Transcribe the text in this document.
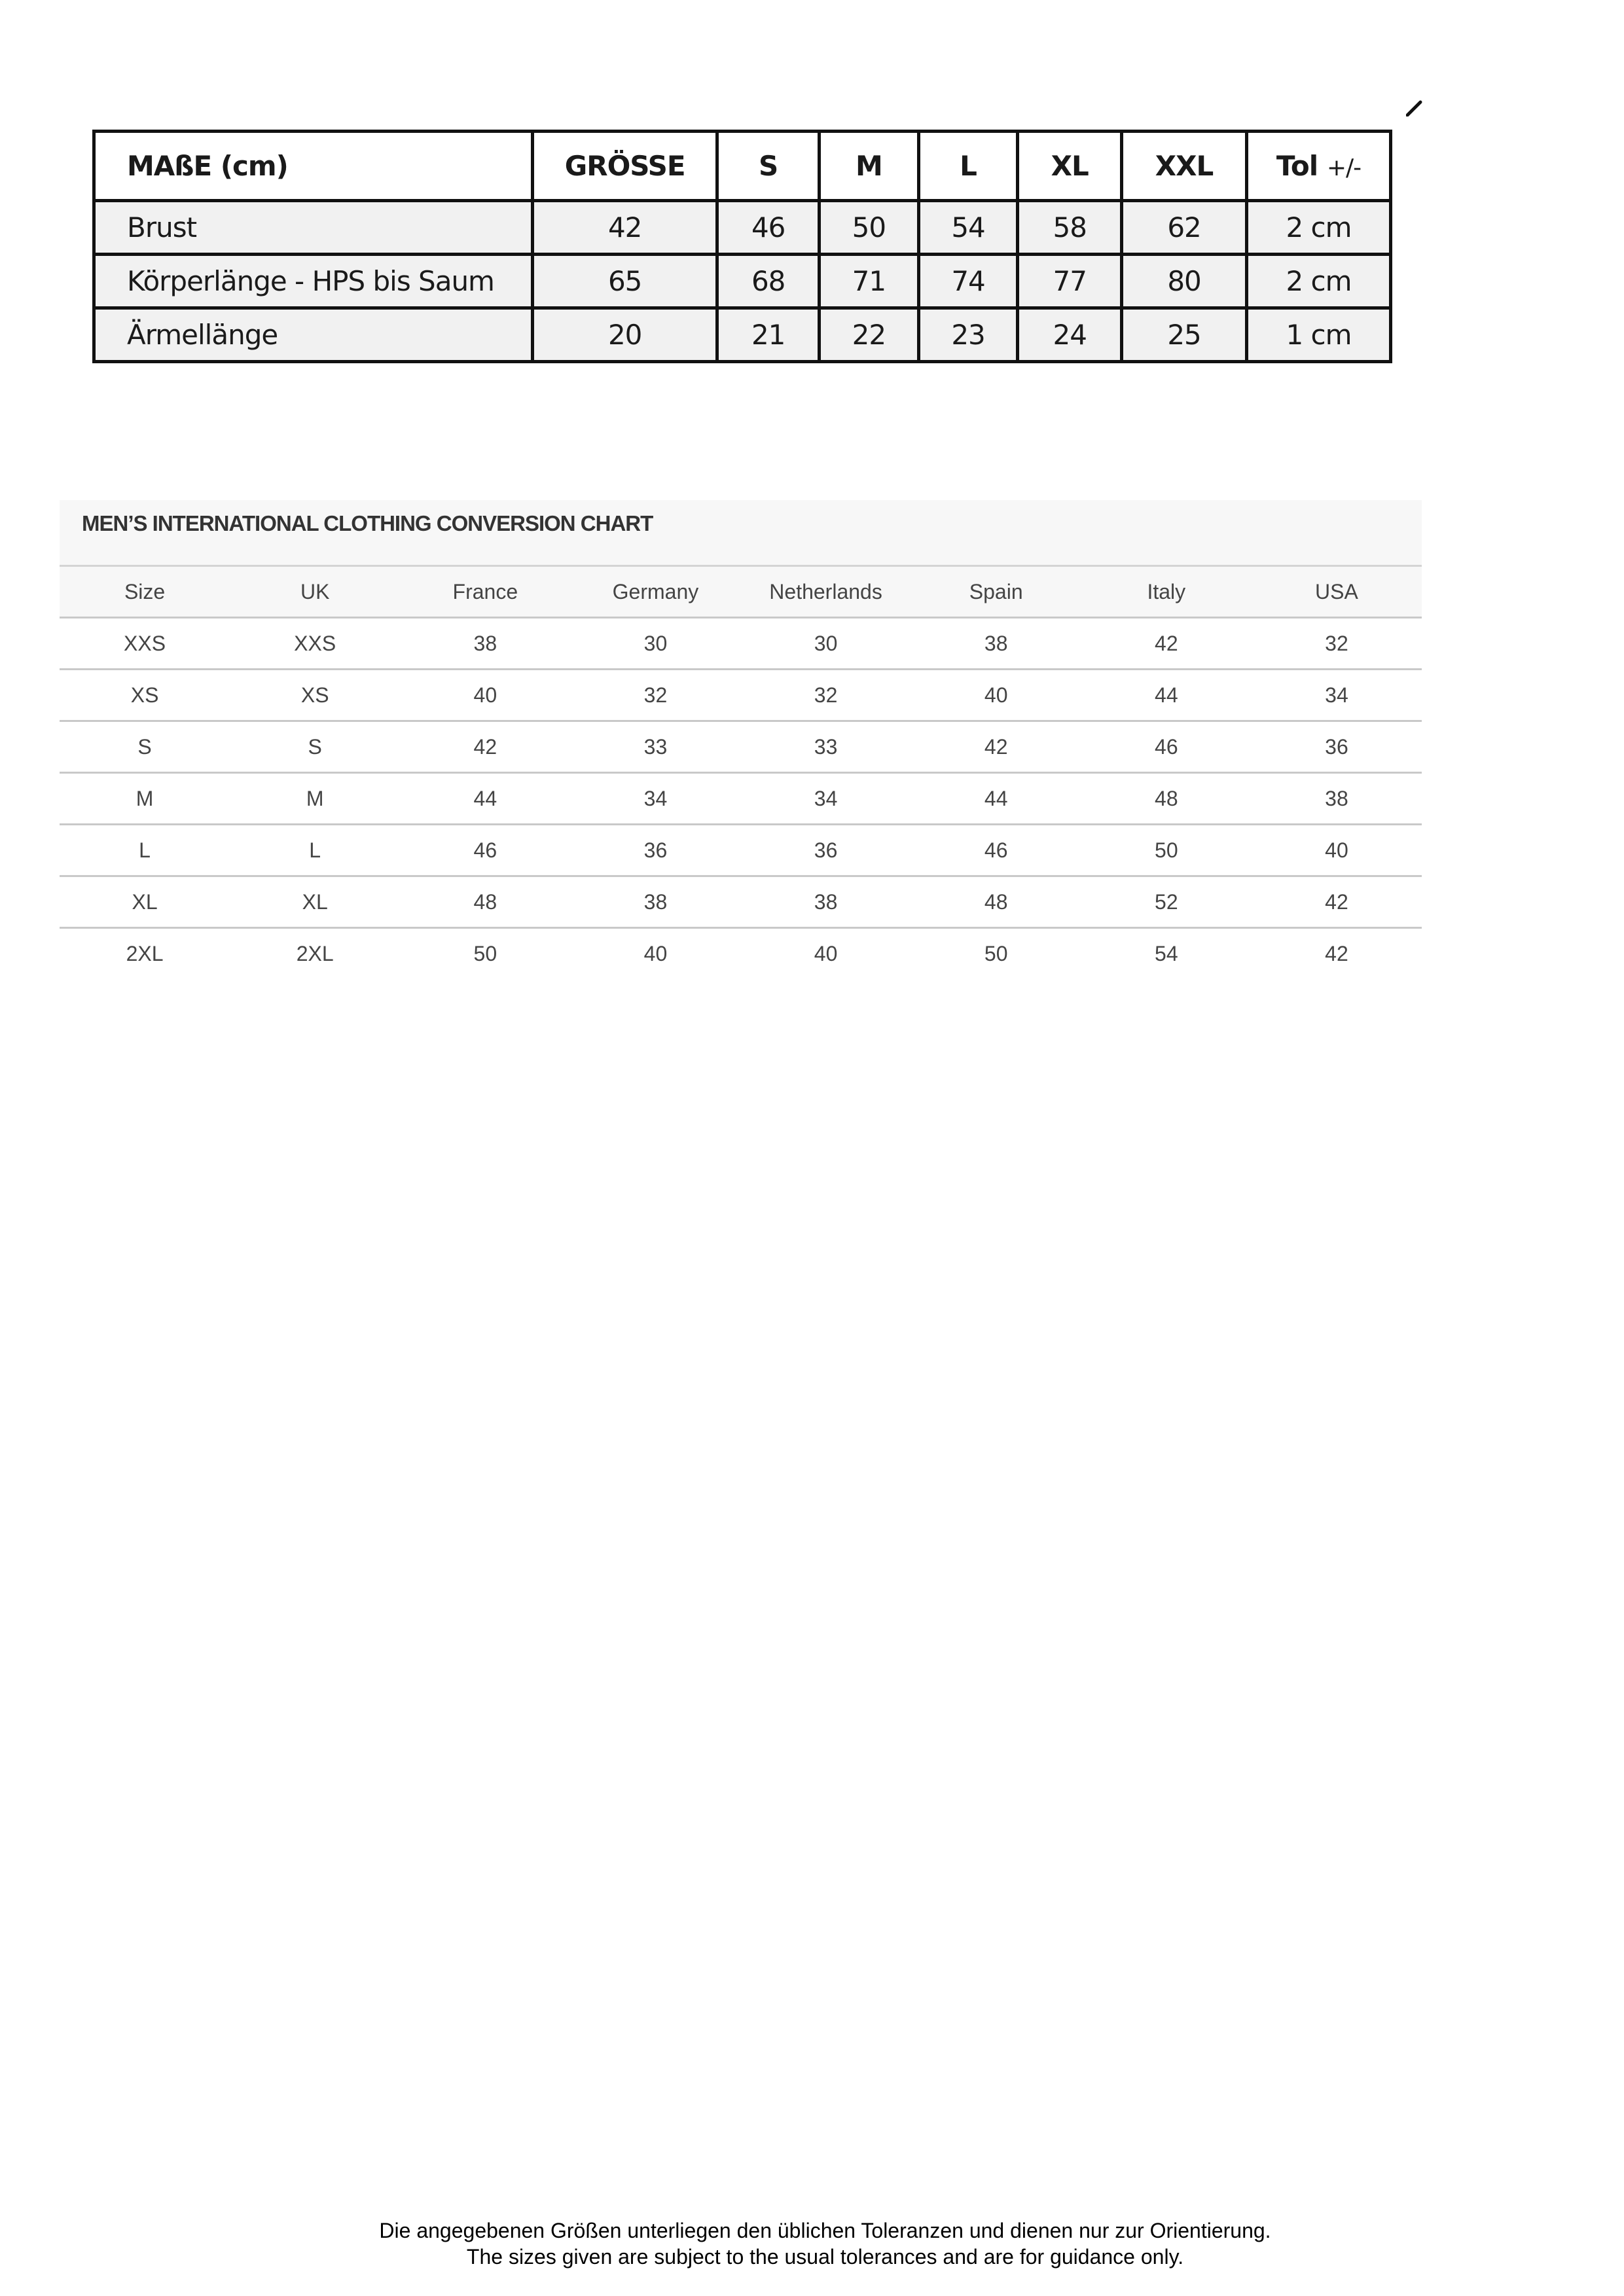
MAßE (cm)	GRÖSSE	S	M	L	XL	XXL	Tol +/-
Brust	42	46	50	54	58	62	2 cm
Körperlänge - HPS bis Saum	65	68	71	74	77	80	2 cm
Ärmellänge	20	21	22	23	24	25	1 cm
MEN’S INTERNATIONAL CLOTHING CONVERSION CHART
Size	UK	France	Germany	Netherlands	Spain	Italy	USA
XXS	XXS	38	30	30	38	42	32
XS	XS	40	32	32	40	44	34
S	S	42	33	33	42	46	36
M	M	44	34	34	44	48	38
L	L	46	36	36	46	50	40
XL	XL	48	38	38	48	52	42
2XL	2XL	50	40	40	50	54	42
Die angegebenen Größen unterliegen den üblichen Toleranzen und dienen nur zur Orientierung.
The sizes given are subject to the usual tolerances and are for guidance only.
